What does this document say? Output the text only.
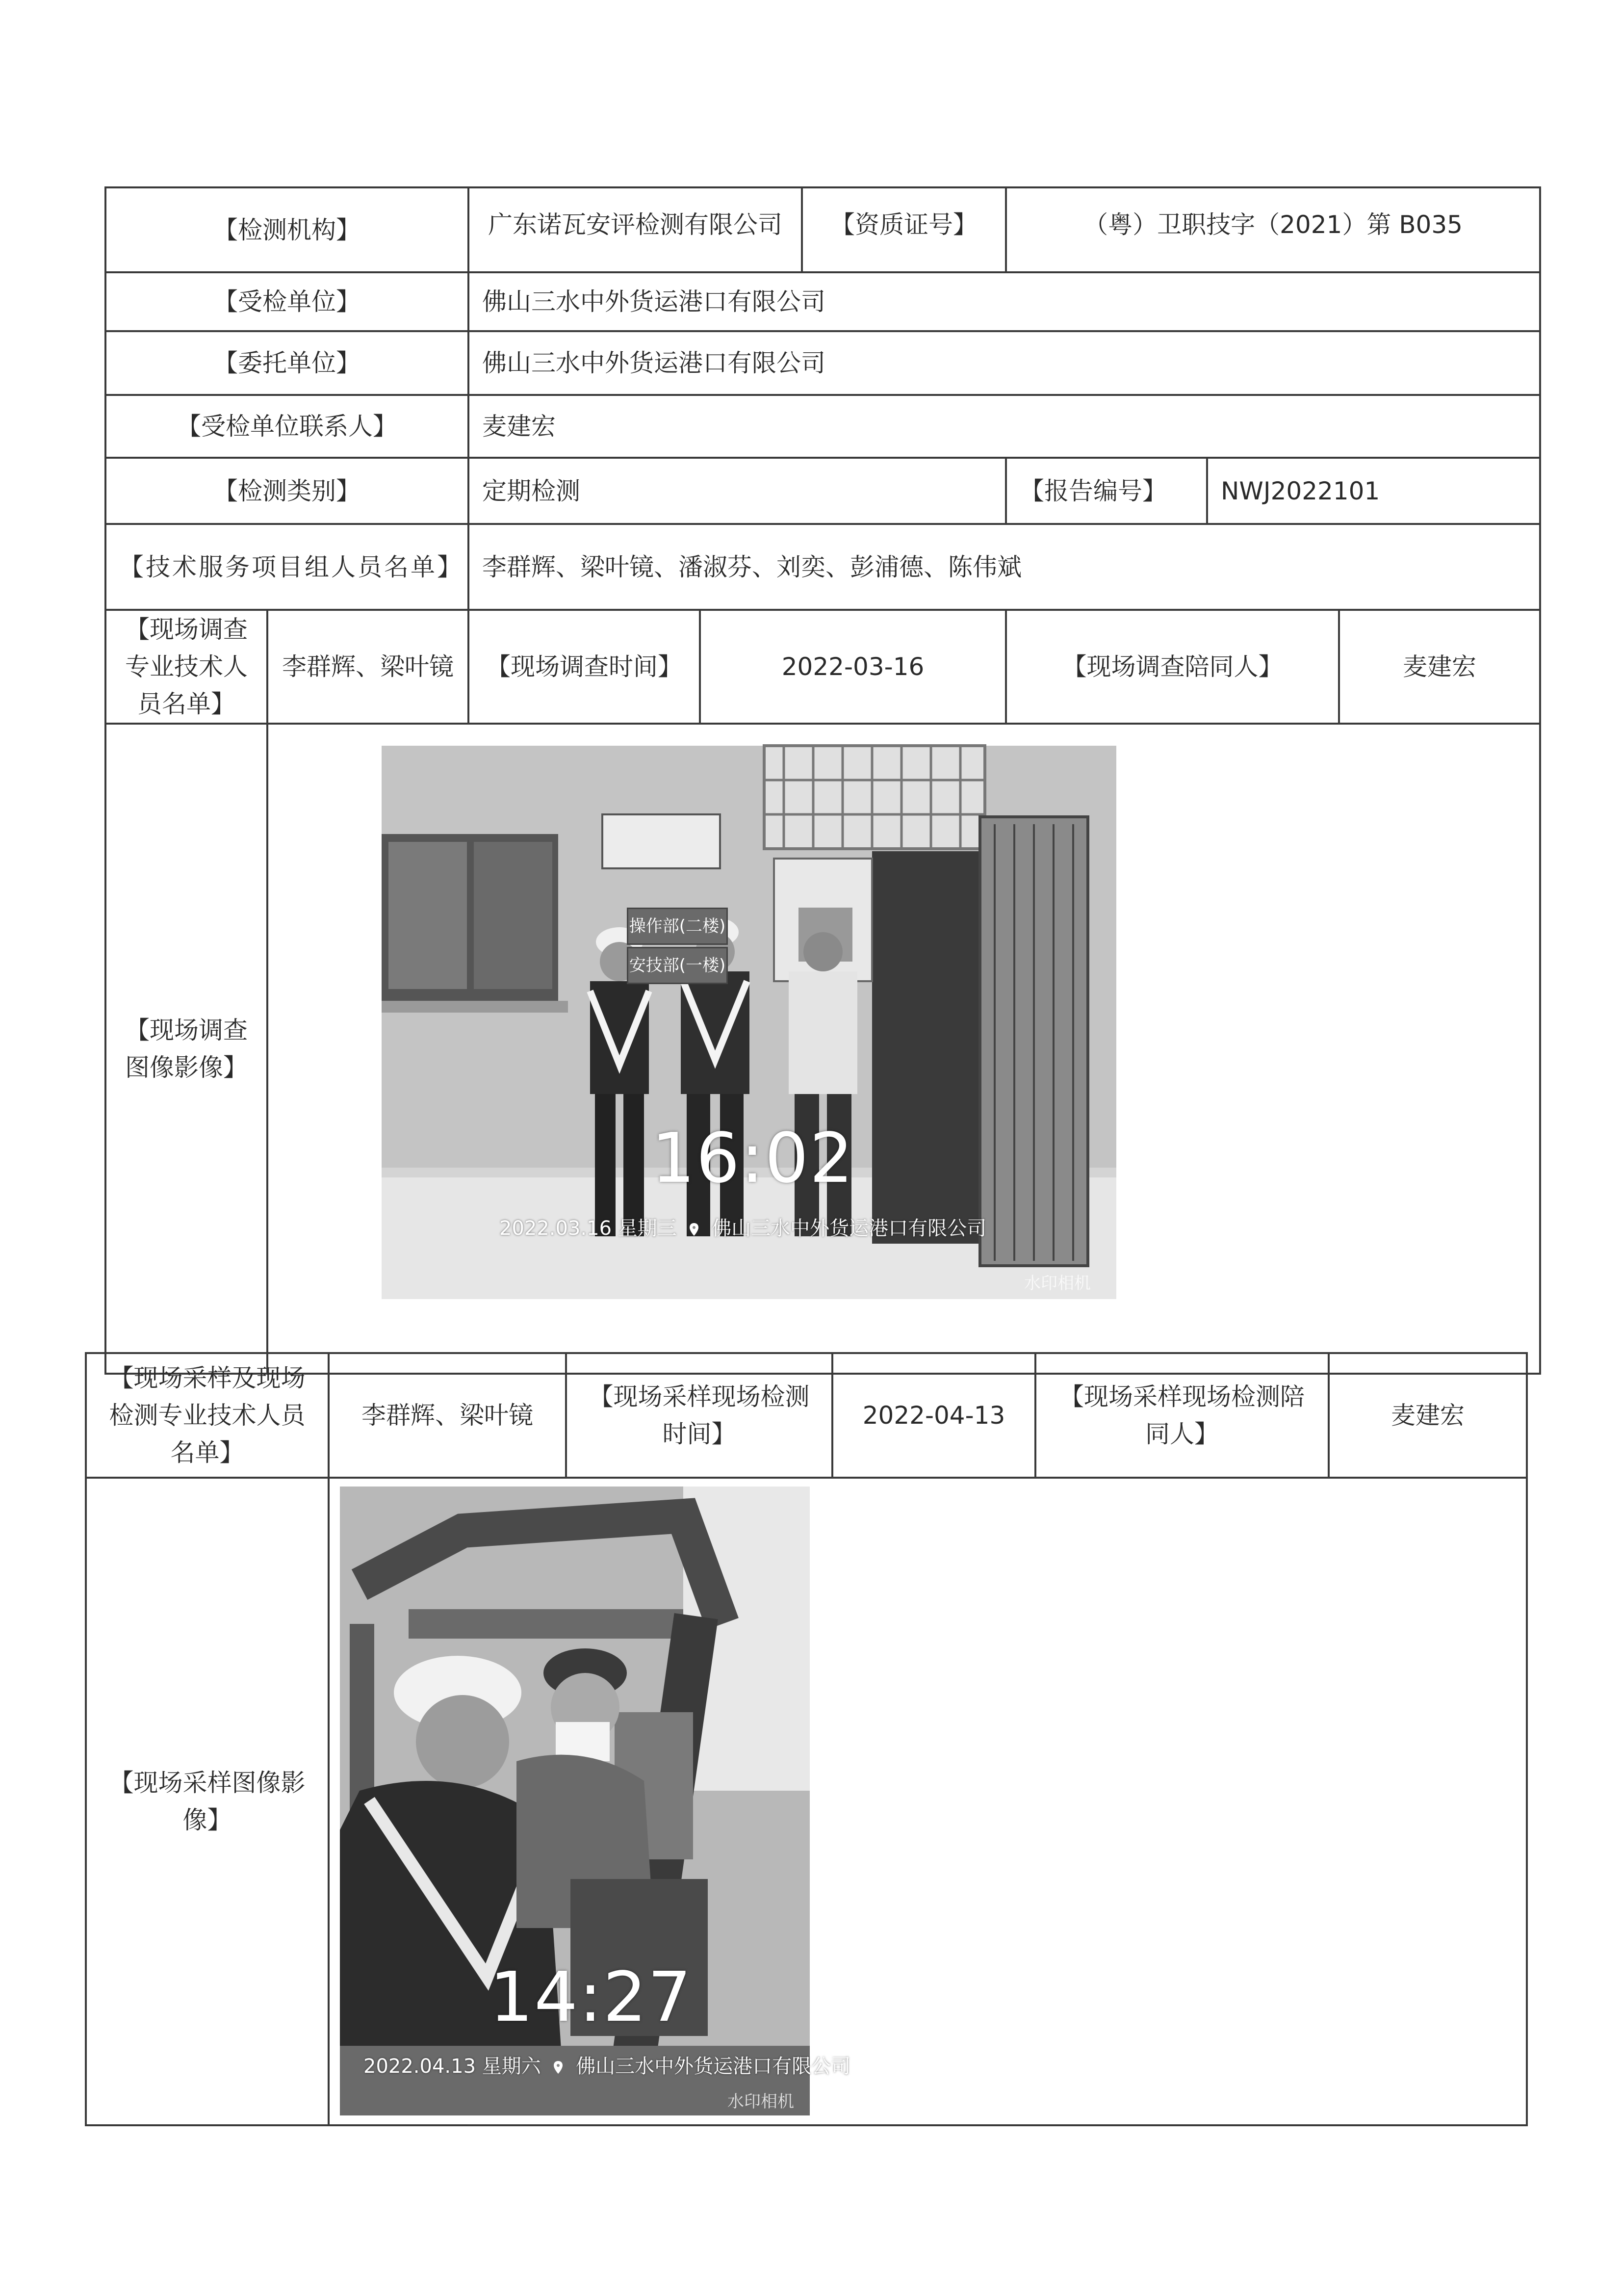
【检测机构】		广东诺瓦安评检测有限公司		【资质证号】	（粤）卫职技字（2021）第 B035		
【受检单位】		佛山三水中外货运港口有限公司					
【委托单位】		佛山三水中外货运港口有限公司					
【受检单位联系人】		麦建宏					
【检测类别】		定期检测			【报告编号】	NWJ2022101	
【技术服务项目组人员名单】		李群辉、梁叶镜、潘淑芬、刘奕、彭浦德、陈伟斌					
【现场调查专业技术人员名单】	李群辉、梁叶镜	【现场调查时间】	2022-03-16		【现场调查陪同人】		麦建宏
【现场调查图像影像】							
【现场采样及现场检测专业技术人员名单】	李群辉、梁叶镜	【现场采样现场检测时间】	2022-04-13	【现场采样现场检测陪同人】	麦建宏
【现场采样图像影像】					
操作部(二楼)
安技部(一楼)
16:02
2022.03.16 星期三 佛山三水中外货运港口有限公司
水印相机
14:27
2022.04.13 星期六 佛山三水中外货运港口有限公司
水印相机
